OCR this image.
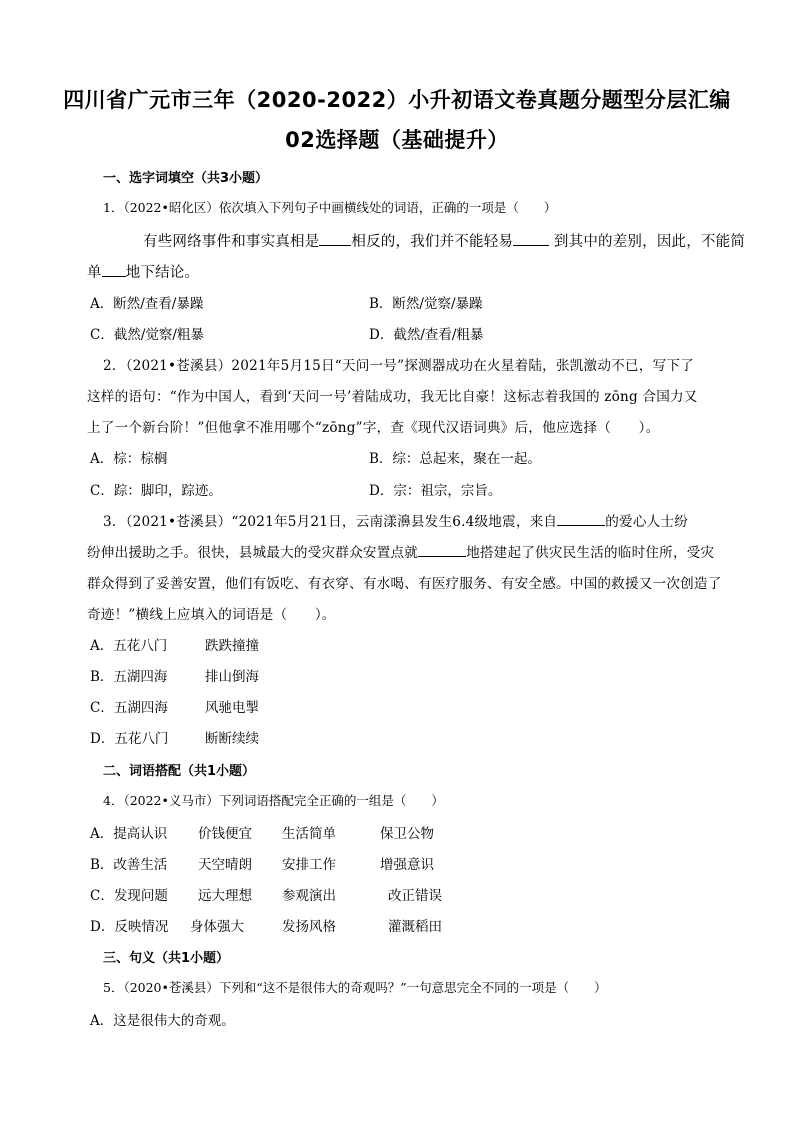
四川省广元市三年（2020-2022）小升初语文卷真题分题型分层汇编
02选择题（基础提升）
一、选字词填空（共3小题）
1．（2022•昭化区）依次填入下列句子中画横线处的词语，正确的一项是（　　）
有些网络事件和事实真相是 相反的，我们并不能轻易 到其中的差别，因此，不能简
单 地下结论。
A．断然/查看/暴躁	B．断然/觉察/暴躁
C．截然/觉察/粗暴	D．截然/查看/粗暴
2．（2021•苍溪县）2021年5月15日“天问一号”探测器成功在火星着陆，张凯激动不已，写下了
这样的语句：“作为中国人，看到‘天问一号’着陆成功，我无比自豪！这标志着我国的 zōng 合国力又
上了一个新台阶！”但他拿不准用哪个“zōng”字，查《现代汉语词典》后，他应选择（　　）。
A．棕：棕榈	B．综：总起来，聚在一起。
C．踪：脚印，踪迹。	D．宗：祖宗，宗旨。
3．（2021•苍溪县）“2021年5月21日，云南漾濞县发生6.4级地震，来自	的爱心人士纷
纷伸出援助之手。很快，县城最大的受灾群众安置点就	地搭建起了供灾民生活的临时住所，受灾
群众得到了妥善安置，他们有饭吃、有衣穿、有水喝、有医疗服务、有安全感。中国的救援又一次创造了
奇迹！”横线上应填入的词语是（　　）。
A．五花八门	跌跌撞撞
B．五湖四海	排山倒海
C．五湖四海	风驰电掣
D．五花八门	断断续续
二、词语搭配（共1小题）
4．（2022•义马市）下列词语搭配完全正确的一组是（　　）
A．提高认识 价钱便宜 生活简单	保卫公物
B．改善生活 天空晴朗 安排工作	增强意识
C．发现问题 远大理想 参观演出	改正错误
D．反映情况 身体强大	发扬风格	灌溉稻田
三、句义（共1小题）
5．（2020•苍溪县）下列和“这不是很伟大的奇观吗？”一句意思完全不同的一项是（　　）
A．这是很伟大的奇观。
